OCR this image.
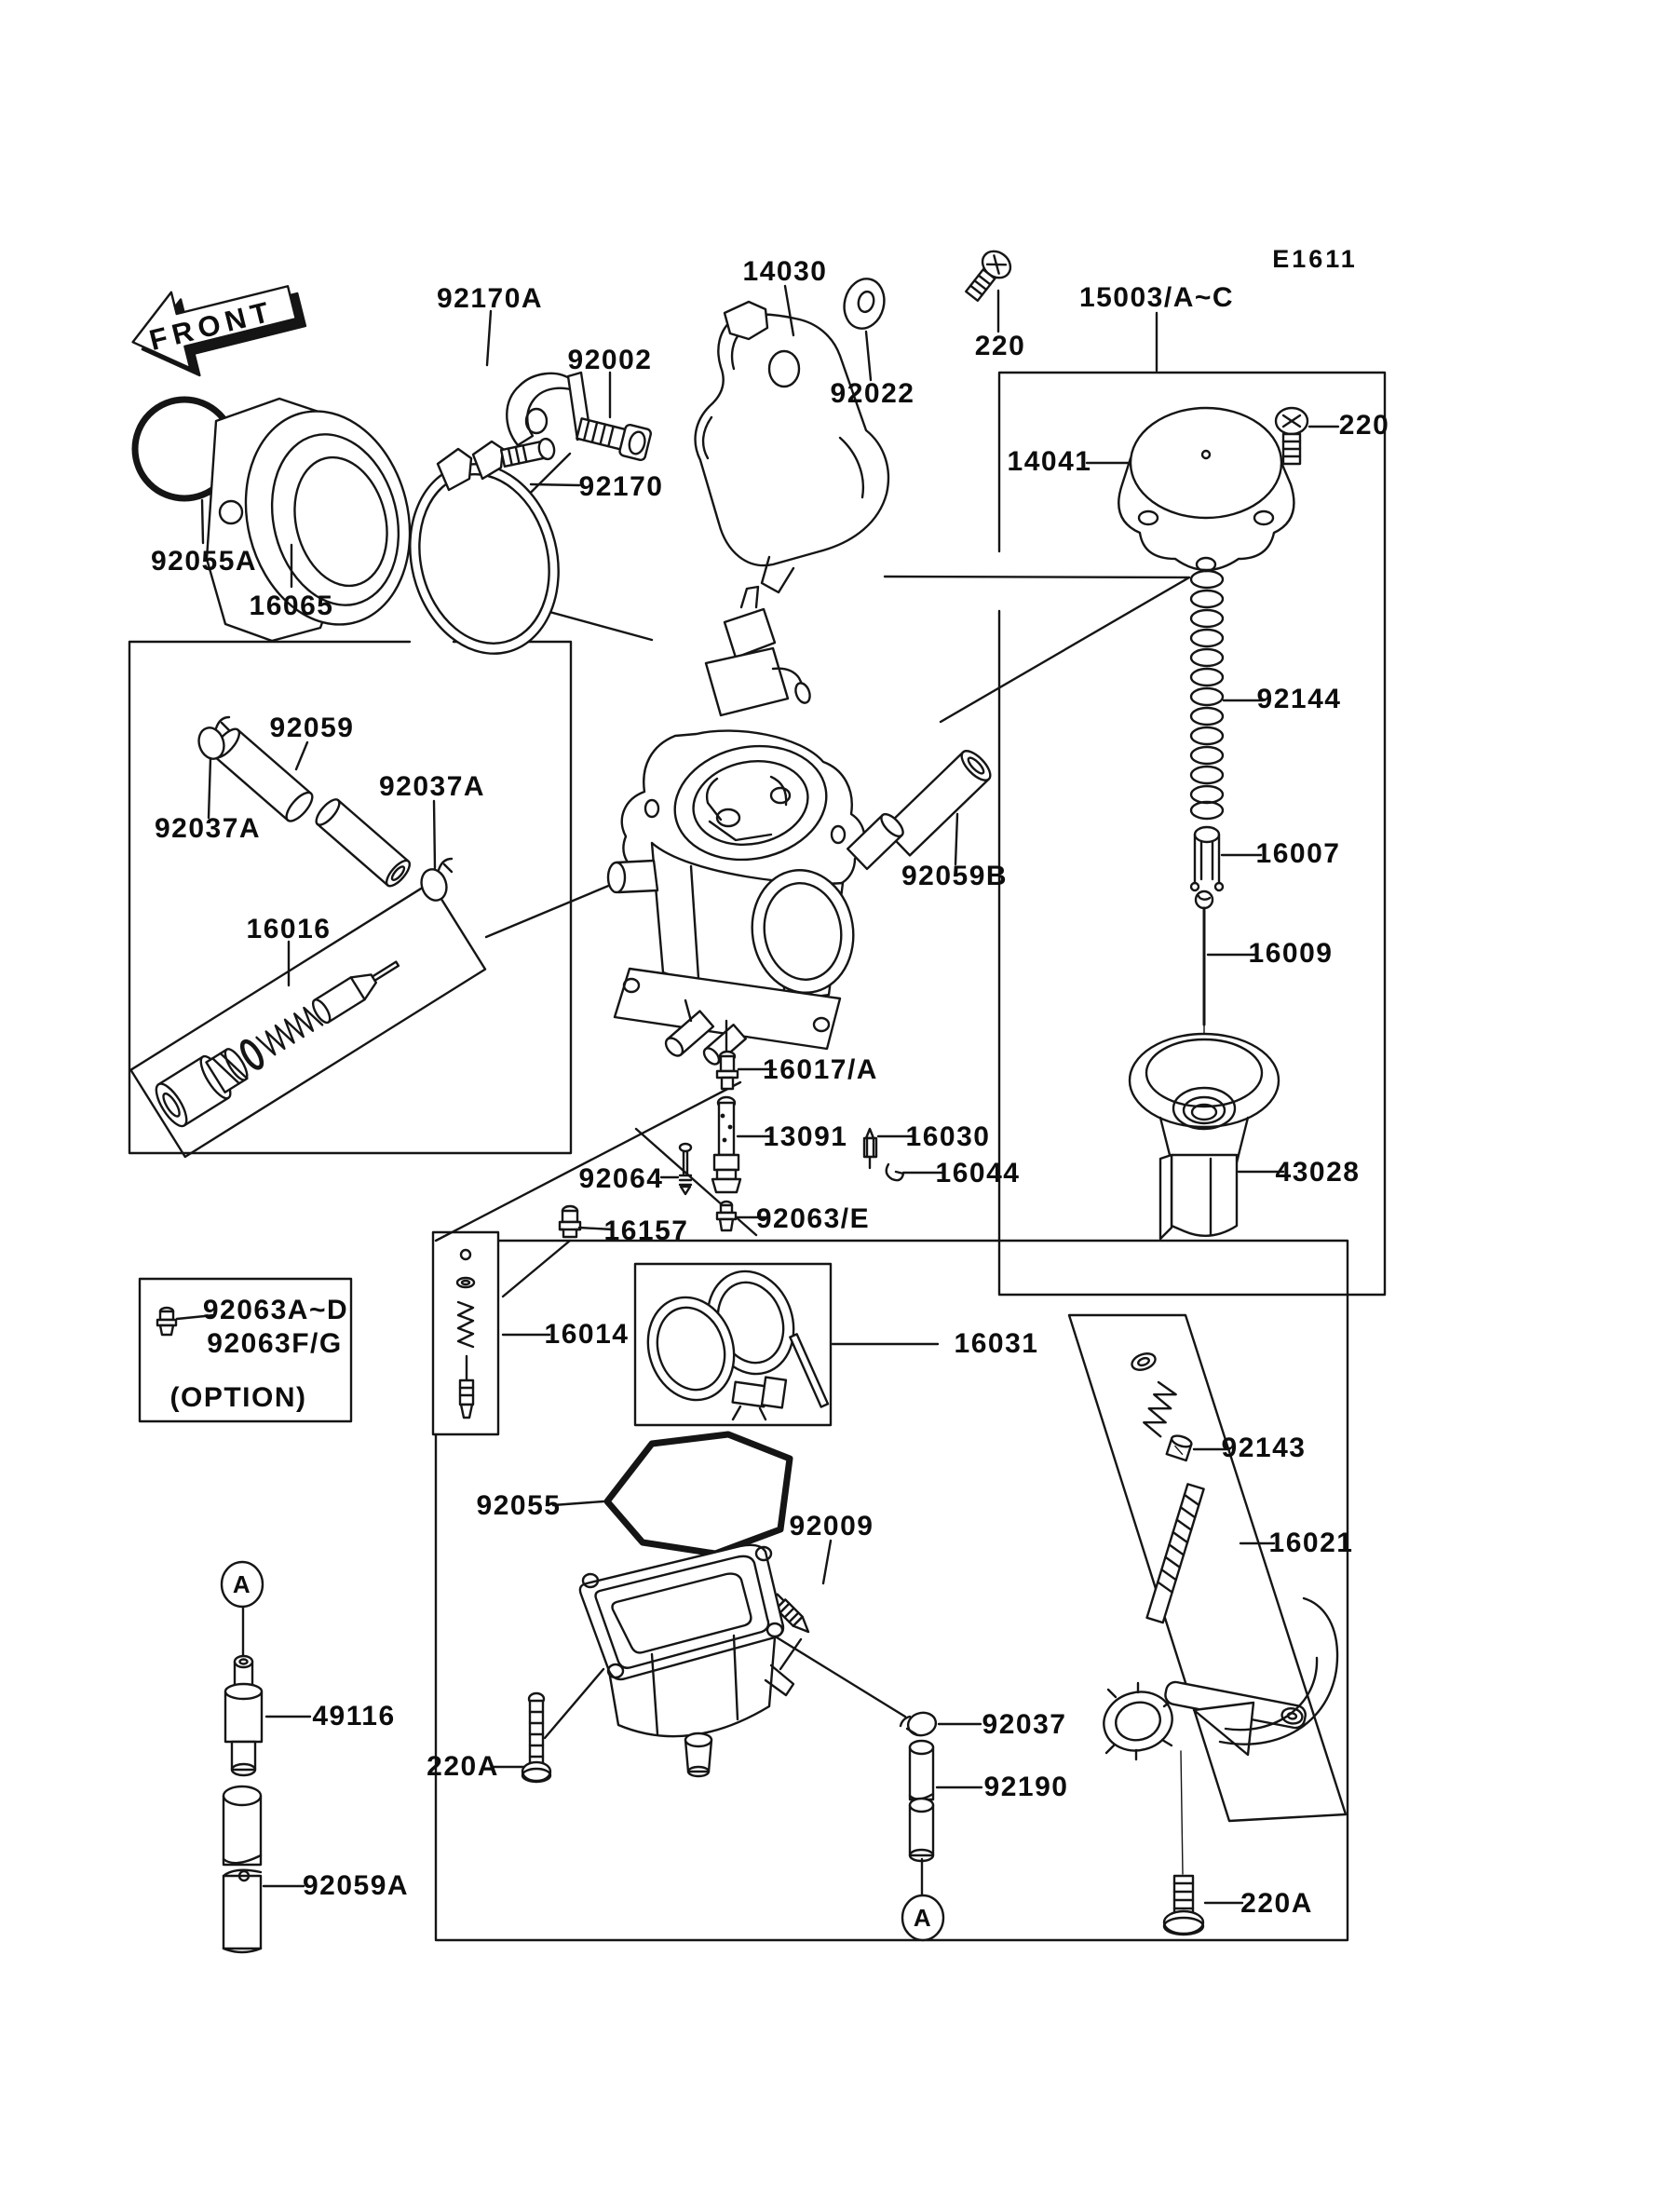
E1611
FRONT	92170A
92002
92170
92055A
16065
14030
92022
220
15003/A~C
14041
220
92144
16007
16009
43028
92059B
92059
92037A
92037A
16016
16017/A
13091 16030
16044
92064
16157 92063/E
92063A~D
92063F/G
(OPTION)
16014	16031
92143
92055
92009
16021
49116
220A
92037
92190
92059A
220A
A
A
